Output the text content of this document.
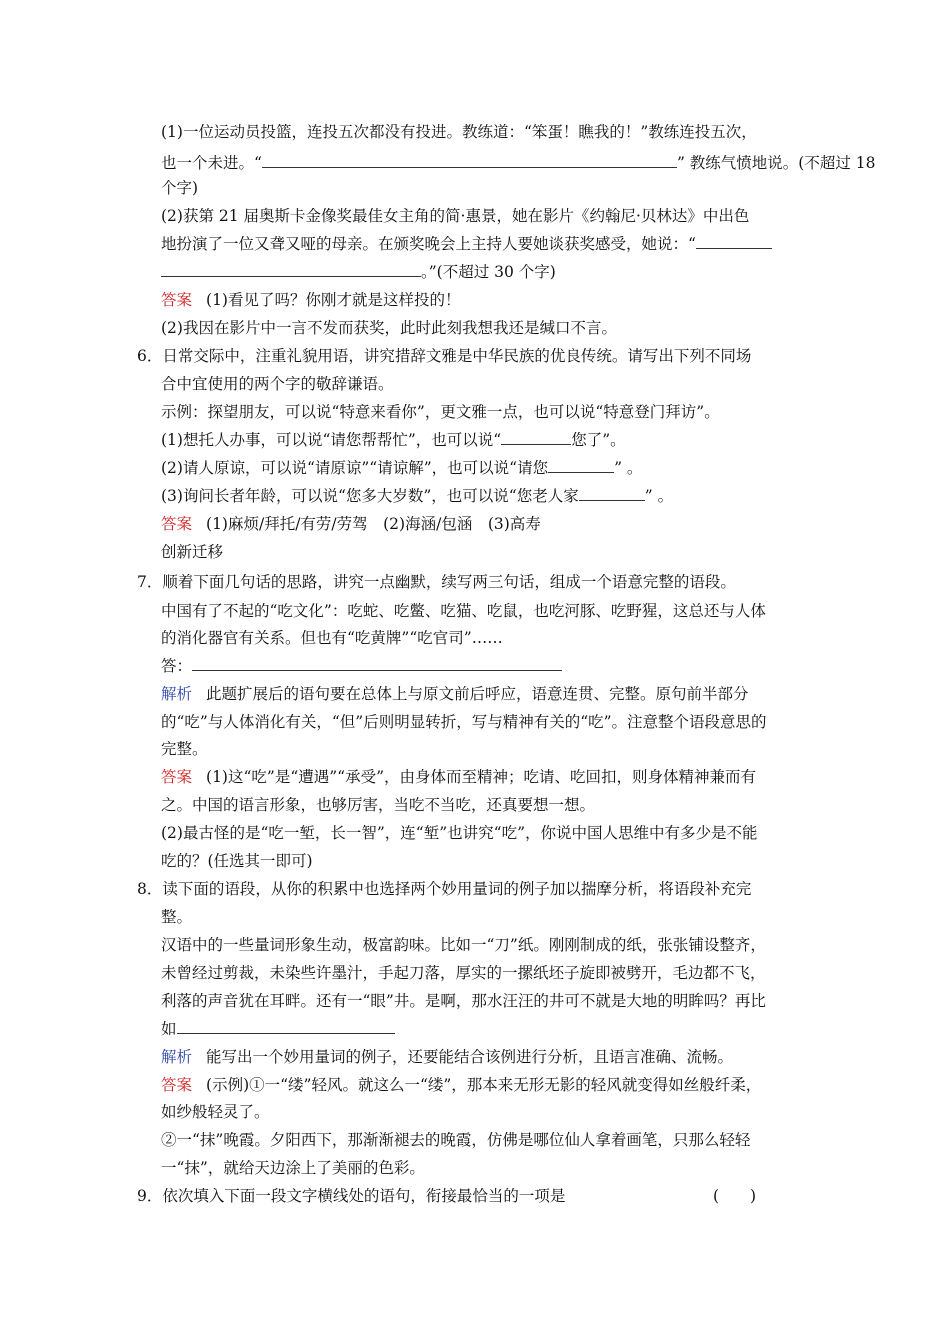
(1)一位运动员投篮，连投五次都没有投进。教练道：“笨蛋！瞧我的！”教练连投五次，
也一个未进。“	” 教练气愤地说。(不超过 18
个字)
(2)获第 21 届奥斯卡金像奖最佳女主角的简·惠景，她在影片《约翰尼·贝林达》中出色
地扮演了一位又聋又哑的母亲。在颁奖晚会上主持人要她谈获奖感受，她说：“
。”(不超过 30 个字)
答案 (1)看见了吗？你刚才就是这样投的！
(2)我因在影片中一言不发而获奖，此时此刻我想我还是缄口不言。
6．日常交际中，注重礼貌用语，讲究措辞文雅是中华民族的优良传统。请写出下列不同场
合中宜使用的两个字的敬辞谦语。
示例：探望朋友，可以说“特意来看你”，更文雅一点，也可以说“特意登门拜访”。
(1)想托人办事，可以说“请您帮帮忙”，也可以说“	您了”。
(2)请人原谅，可以说“请原谅”“请谅解”，也可以说“请您	” 。
(3)询问长者年龄，可以说“您多大岁数”，也可以说“您老人家	” 。
答案 (1)麻烦/拜托/有劳/劳驾　(2)海涵/包涵　(3)高寿
创新迁移
7．顺着下面几句话的思路，讲究一点幽默，续写两三句话，组成一个语意完整的语段。
中国有了不起的“吃文化”：吃蛇、吃鳖、吃猫、吃鼠，也吃河豚、吃野猩，这总还与人体
的消化器官有关系。但也有“吃黄牌”“吃官司”……
答：
解析 此题扩展后的语句要在总体上与原文前后呼应，语意连贯、完整。原句前半部分
的“吃”与人体消化有关，“但”后则明显转折，写与精神有关的“吃”。注意整个语段意思的
完整。
答案 (1)这“吃”是“遭遇”“承受”，由身体而至精神；吃请、吃回扣，则身体精神兼而有
之。中国的语言形象，也够厉害，当吃不当吃，还真要想一想。
(2)最古怪的是“吃一堑，长一智”，连“堑”也讲究“吃”，你说中国人思维中有多少是不能
吃的？(任选其一即可)
8．读下面的语段，从你的积累中也选择两个妙用量词的例子加以揣摩分析，将语段补充完
整。
汉语中的一些量词形象生动，极富韵味。比如一“刀”纸。刚刚制成的纸，张张铺设整齐，
未曾经过剪裁，未染些许墨汁，手起刀落，厚实的一摞纸坯子旋即被劈开，毛边都不飞，
利落的声音犹在耳畔。还有一“眼”井。是啊，那水汪汪的井可不就是大地的明眸吗？再比
如
解析 能写出一个妙用量词的例子，还要能结合该例进行分析，且语言准确、流畅。
答案 (示例)①一“缕”轻风。就这么一“缕”，那本来无形无影的轻风就变得如丝般纤柔，
如纱般轻灵了。
②一“抹”晚霞。夕阳西下，那渐渐褪去的晚霞，仿佛是哪位仙人拿着画笔，只那么轻轻
一“抹”，就给天边涂上了美丽的色彩。
9．依次填入下面一段文字横线处的语句，衔接最恰当的一项是	(　　)
